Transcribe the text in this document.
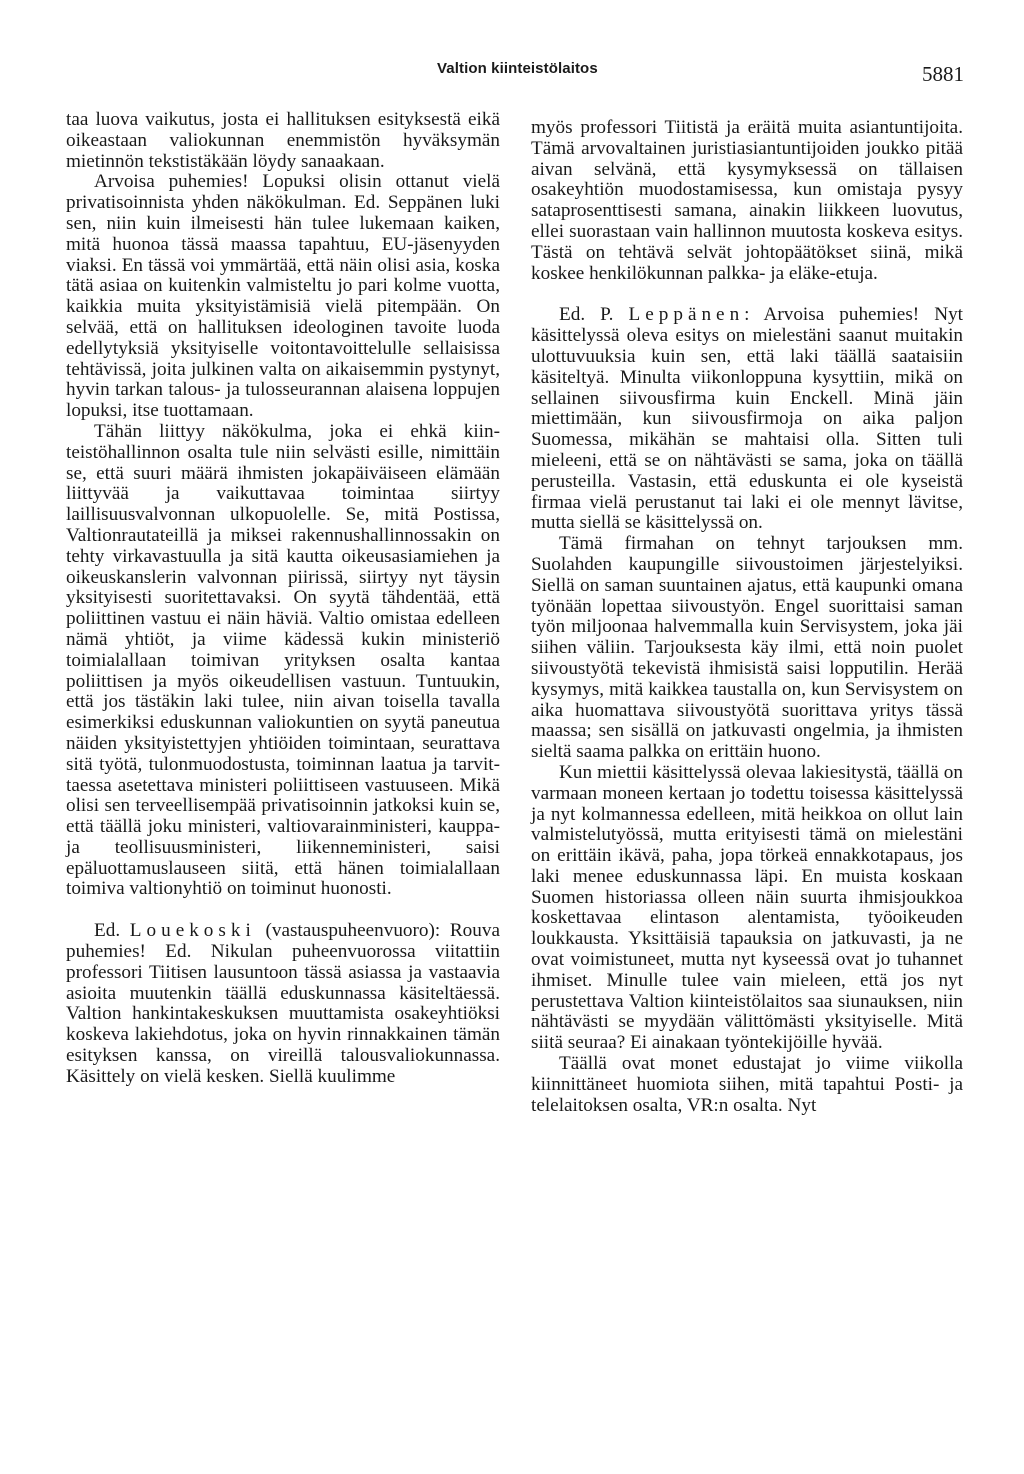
Valtion kiinteistölaitos	5881

taa luova vaikutus, josta ei hallituksen esityksestä eikä oikeastaan valiokunnan enemmistön hyväksymän mietinnön tekstistäkään löydy sanaakaan.

Arvoisa puhemies! Lopuksi olisin ottanut vielä privatisoinnista yhden näkökulman. Ed. Seppänen luki sen, niin kuin ilmeisesti hän tulee lukemaan kaiken, mitä huonoa tässä maassa tapahtuu, EU-jäsenyyden viaksi. En tässä voi ymmärtää, että näin olisi asia, koska tätä asiaa on kuitenkin valmisteltu jo pari kolme vuotta, kaikkia muita yksityistämisiä vielä pitempään. On selvää, että on hallituksen ideologinen tavoite luoda edellytyksiä yksityiselle voitontavoittelulle sellaisissa tehtävissä, joita julkinen valta on aikaisemmin pystynyt, hyvin tarkan talous- ja tulosseurannan alaisena loppujen lopuksi, itse tuottamaan.

Tähän liittyy näkökulma, joka ei ehkä kiinteistöhallinnon osalta tule niin selvästi esille, nimittäin se, että suuri määrä ihmisten jokapäiväiseen elämään liittyvää ja vaikuttavaa toimintaa siirtyy laillisuusvalvonnan ulkopuolelle. Se, mitä Postissa, Valtionrautateillä ja miksei rakennushallinnossakin on tehty virkavastuulla ja sitä kautta oikeusasiamiehen ja oikeuskanslerin valvonnan piirissä, siirtyy nyt täysin yksityisesti suoritettavaksi. On syytä tähdentää, että poliittinen vastuu ei näin häviä. Valtio omistaa edelleen nämä yhtiöt, ja viime kädessä kukin ministeriö toimialallaan toimivan yrityksen osalta kantaa poliittisen ja myös oikeudellisen vastuun. Tuntuukin, että jos tästäkin laki tulee, niin aivan toisella tavalla esimerkiksi eduskunnan valiokuntien on syytä paneutua näiden yksityistettyjen yhtiöiden toimintaan, seurattava sitä työtä, tulonmuodostusta, toiminnan laatua ja tarvittaessa asetettava ministeri poliittiseen vastuuseen. Mikä olisi sen terveellisempää privatisoinnin jatkoksi kuin se, että täällä joku ministeri, valtiovarainministeri, kauppa- ja teollisuusministeri, liikenneministeri, saisi epäluottamuslauseen siitä, että hänen toimialallaan toimiva valtionyhtiö on toiminut huonosti.

Ed. Louekoski (vastauspuheenvuoro): Rouva puhemies! Ed. Nikulan puheenvuorossa viitattiin professori Tiitisen lausuntoon tässä asiassa ja vastaavia asioita muutenkin täällä eduskunnassa käsiteltäessä. Valtion hankintakeskuksen muuttamista osakeyhtiöksi koskeva lakiehdotus, joka on hyvin rinnakkainen tämän esityksen kanssa, on vireillä talousvaliokunnassa. Käsittely on vielä kesken. Siellä kuulimme

myös professori Tiitistä ja eräitä muita asiantuntijoita. Tämä arvovaltainen juristiasiantuntijoiden joukko pitää aivan selvänä, että kysymyksessä on tällaisen osakeyhtiön muodostamisessa, kun omistaja pysyy sataprosenttisesti samana, ainakin liikkeen luovutus, ellei suorastaan vain hallinnon muutosta koskeva esitys. Tästä on tehtävä selvät johtopäätökset siinä, mikä koskee henkilökunnan palkka- ja eläke-etuja.

Ed. P. Leppänen: Arvoisa puhemies! Nyt käsittelyssä oleva esitys on mielestäni saanut muitakin ulottuvuuksia kuin sen, että laki täällä saataisiin käsiteltyä. Minulta viikonloppuna kysyttiin, mikä on sellainen siivousfirma kuin Enckell. Minä jäin miettimään, kun siivousfirmoja on aika paljon Suomessa, mikähän se mahtaisi olla. Sitten tuli mieleeni, että se on nähtävästi se sama, joka on täällä perusteilla. Vastasin, että eduskunta ei ole kyseistä firmaa vielä perustanut tai laki ei ole mennyt lävitse, mutta siellä se käsittelyssä on.

Tämä firmahan on tehnyt tarjouksen mm. Suolahden kaupungille siivoustoimen järjestelyiksi. Siellä on saman suuntainen ajatus, että kaupunki omana työnään lopettaa siivoustyön. Engel suorittaisi saman työn miljoonaa halvemmalla kuin Servisystem, joka jäi siihen väliin. Tarjouksesta käy ilmi, että noin puolet siivoustyötä tekevistä ihmisistä saisi lopputilin. Herää kysymys, mitä kaikkea taustalla on, kun Servisystem on aika huomattava siivoustyötä suorittava yritys tässä maassa; sen sisällä on jatkuvasti ongelmia, ja ihmisten sieltä saama palkka on erittäin huono.

Kun miettii käsittelyssä olevaa lakiesitystä, täällä on varmaan moneen kertaan jo todettu toisessa käsittelyssä ja nyt kolmannessa edelleen, mitä heikkoa on ollut lain valmistelutyössä, mutta erityisesti tämä on mielestäni on erittäin ikävä, paha, jopa törkeä ennakkotapaus, jos laki menee eduskunnassa läpi. En muista koskaan Suomen historiassa olleen näin suurta ihmisjoukkoa koskettavaa elintason alentamista, työoikeuden loukkausta. Yksittäisiä tapauksia on jatkuvasti, ja ne ovat voimistuneet, mutta nyt kyseessä ovat jo tuhannet ihmiset. Minulle tulee vain mieleen, että jos nyt perustettava Valtion kiinteistölaitos saa siunauksen, niin nähtävästi se myydään välittömästi yksityiselle. Mitä siitä seuraa? Ei ainakaan työntekijöille hyvää.

Täällä ovat monet edustajat jo viime viikolla kiinnittäneet huomiota siihen, mitä tapahtui Posti- ja telelaitoksen osalta, VR:n osalta. Nyt
